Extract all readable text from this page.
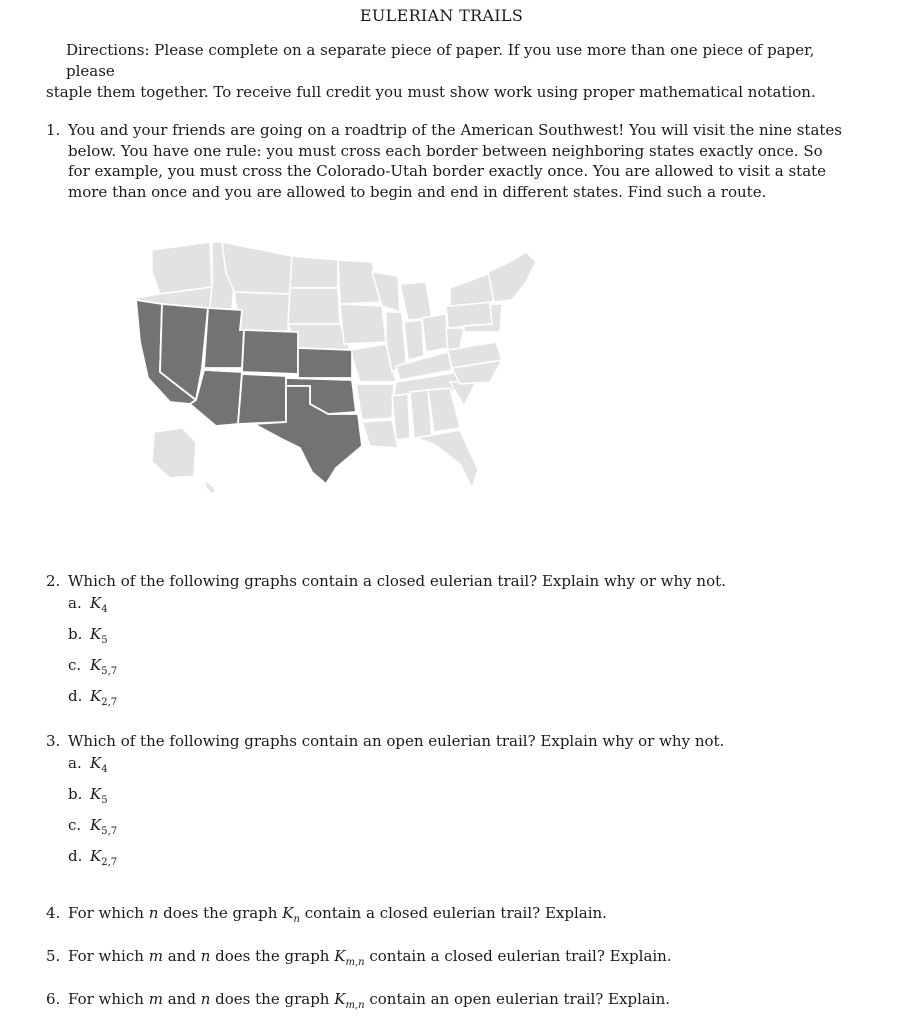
EULERIAN TRAILS
Directions: Please complete on a separate piece of paper. If you use more than one piece of paper, please
staple them together. To receive full credit you must show work using proper mathematical notation.
1. You and your friends are going on a roadtrip of the American Southwest! You will visit the nine states
below. You have one rule: you must cross each border between neighboring states exactly once. So
for example, you must cross the Colorado-Utah border exactly once. You are allowed to visit a state
more than once and you are allowed to begin and end in different states. Find such a route.
2. Which of the following graphs contain a closed eulerian trail? Explain why or why not.
a. $K_4$
b. $K_5$
c. $K_{5,7}$
d. $K_{2,7}$
3. Which of the following graphs contain an open eulerian trail? Explain why or why not.
a. $K_4$
b. $K_5$
c. $K_{5,7}$
d. $K_{2,7}$
4. For which n does the graph $K_n$ contain a closed eulerian trail? Explain.
5. For which m and n does the graph $K_{m,n}$ contain a closed eulerian trail? Explain.
6. For which m and n does the graph $K_{m,n}$ contain an open eulerian trail? Explain.
